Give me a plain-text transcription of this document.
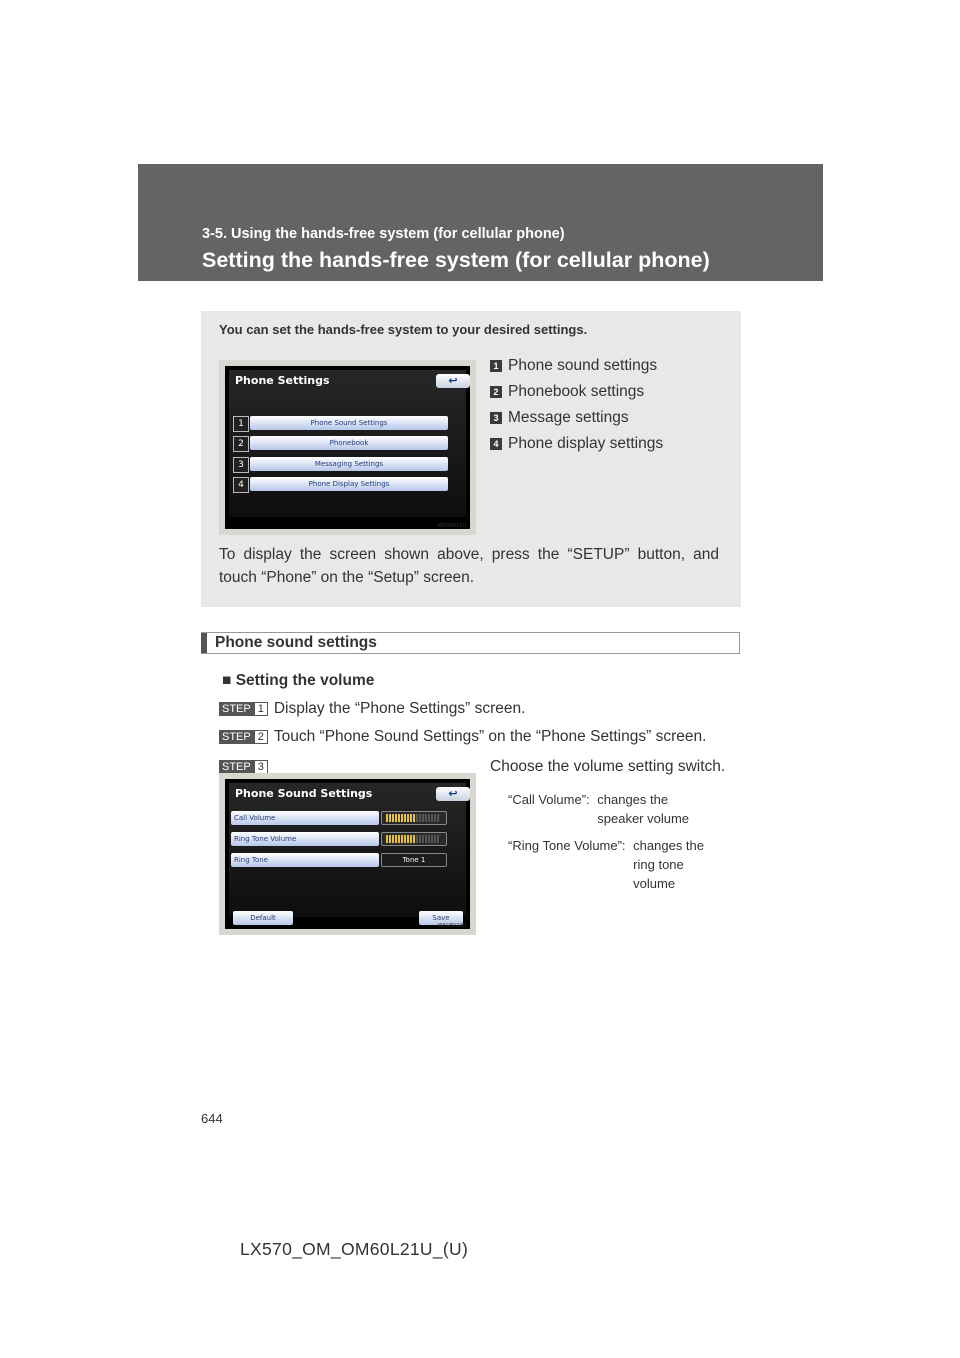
3-5. Using the hands-free system (for cellular phone)
Setting the hands-free system (for cellular phone)
You can set the hands-free system to your desired settings.
Phone Settings	↩
1	Phone Sound Settings
2	Phonebook
3	Messaging Settings
4	Phone Display Settings
I68GB021U
1 Phone sound settings
2 Phonebook settings
3 Message settings
4 Phone display settings
To display the screen shown above, press the “SETUP” button, and touch “Phone” on the “Setup” screen.
Phone sound settings
■ Setting the volume
STEP 1 Display the “Phone Settings” screen.
STEP 2 Touch “Phone Sound Settings” on the “Phone Settings” screen.
STEP 3	Choose the volume setting switch.
“Call Volume”: changes the speaker volume
“Ring Tone Volume”: changes the ring tone volume
Phone Sound Settings	↩
Call Volume
Ring Tone Volume
Ring Tone	Tone 1
Default	Save
I68GB022U
644
LX570_OM_OM60L21U_(U)
